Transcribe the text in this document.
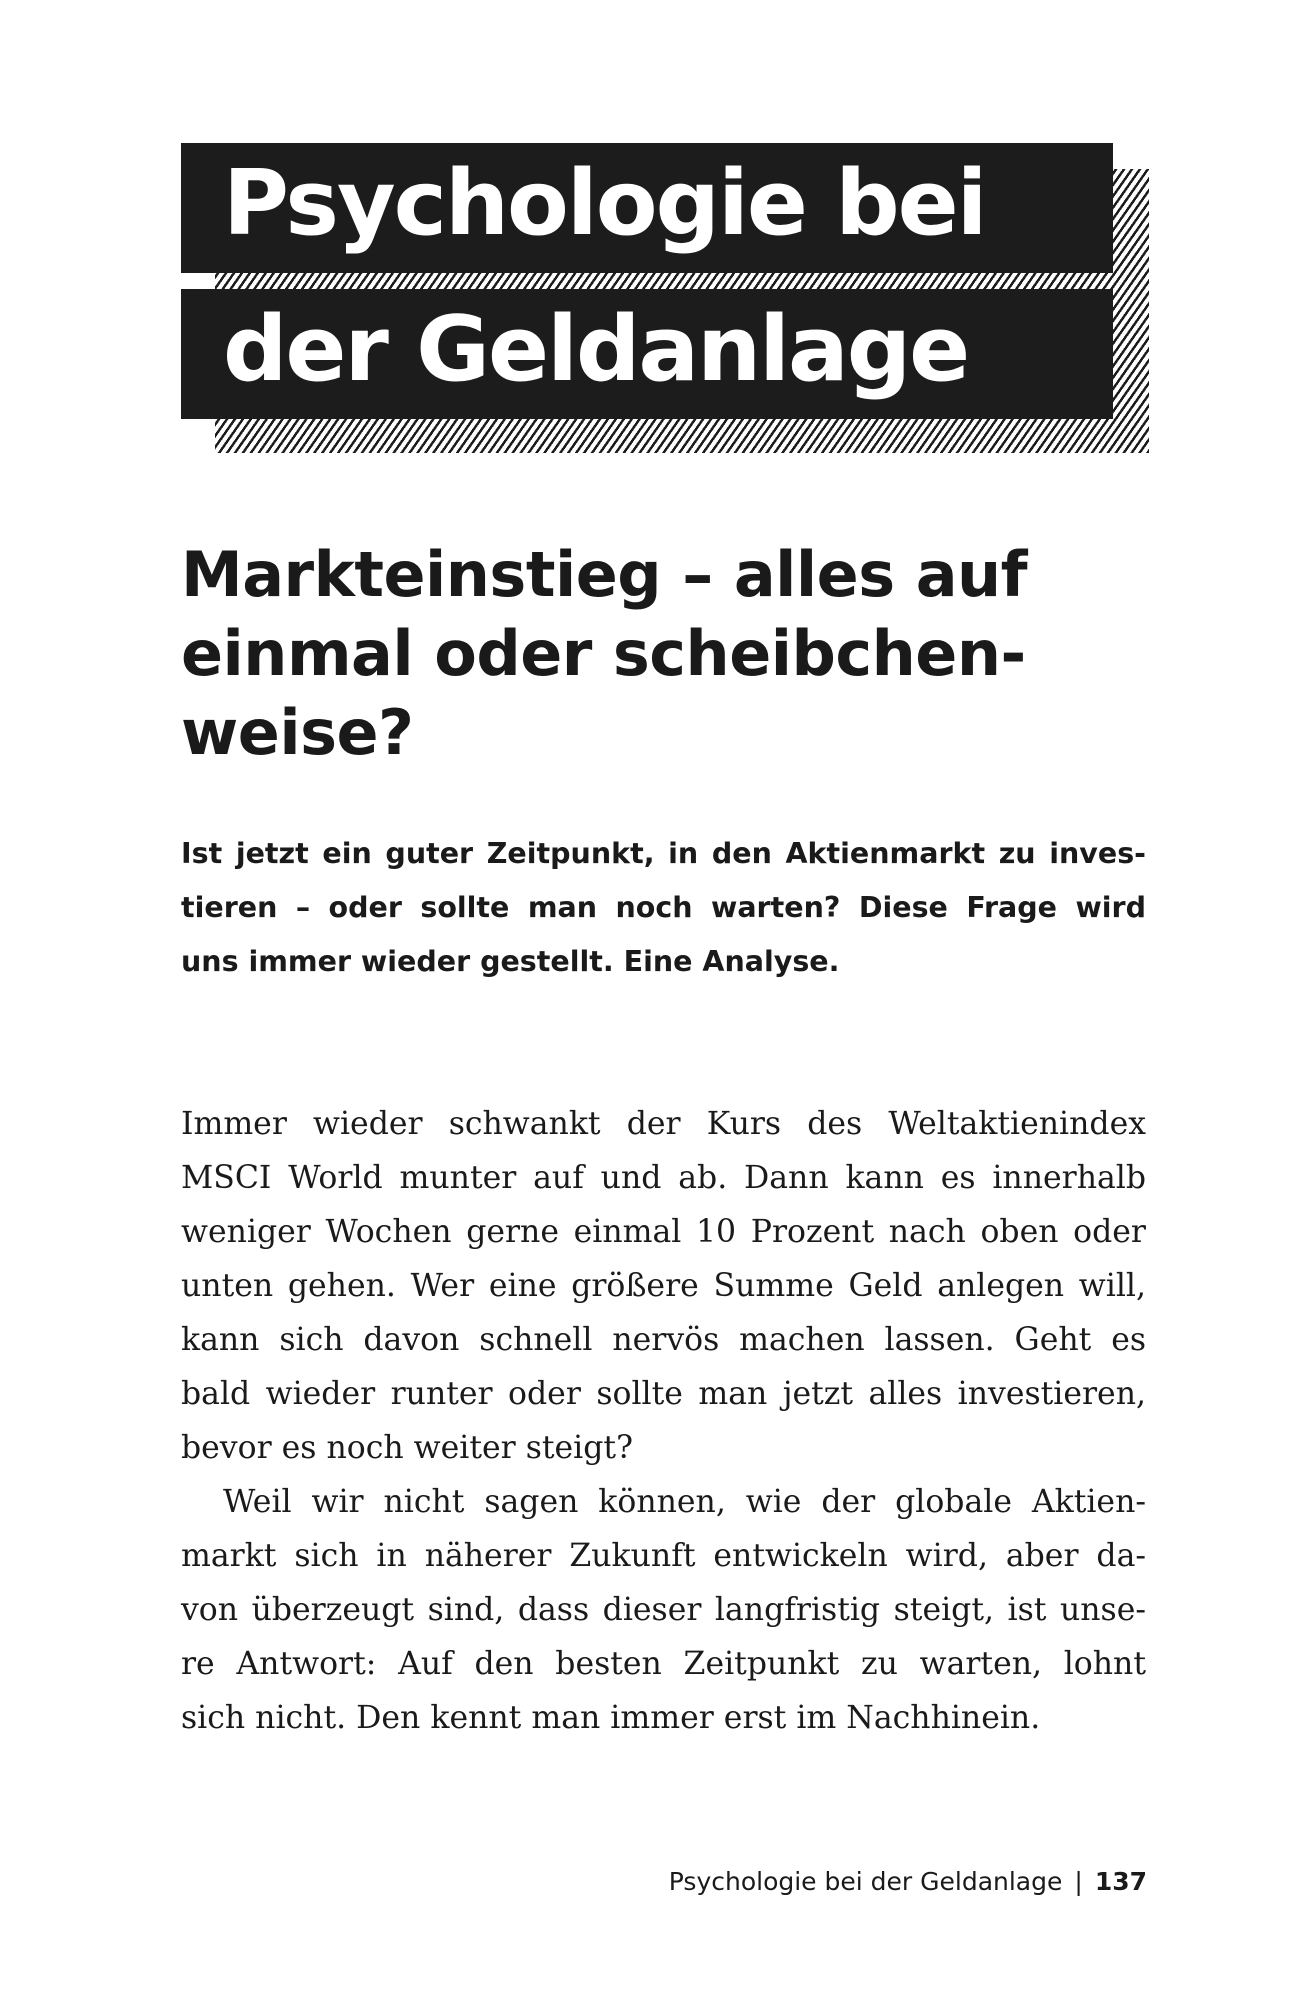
Psychologie bei
der Geldanlage
Markteinstieg – alles auf
einmal oder scheibchen-
weise?

Ist jetzt ein guter Zeitpunkt, in den Aktienmarkt zu inves-
tieren – oder sollte man noch warten? Diese Frage wird
uns immer wieder gestellt. Eine Analyse.

Immer wieder schwankt der Kurs des Weltaktienindex
MSCI World munter auf und ab. Dann kann es innerhalb
weniger Wochen gerne einmal 10 Prozent nach oben oder
unten gehen. Wer eine größere Summe Geld anlegen will,
kann sich davon schnell nervös machen lassen. Geht es
bald wieder runter oder sollte man jetzt alles investieren,
bevor es noch weiter steigt?
Weil wir nicht sagen können, wie der globale Aktien-
markt sich in näherer Zukunft entwickeln wird, aber da-
von überzeugt sind, dass dieser langfristig steigt, ist unse-
re Antwort: Auf den besten Zeitpunkt zu warten, lohnt
sich nicht. Den kennt man immer erst im Nachhinein.
Psychologie bei der Geldanlage | 137
